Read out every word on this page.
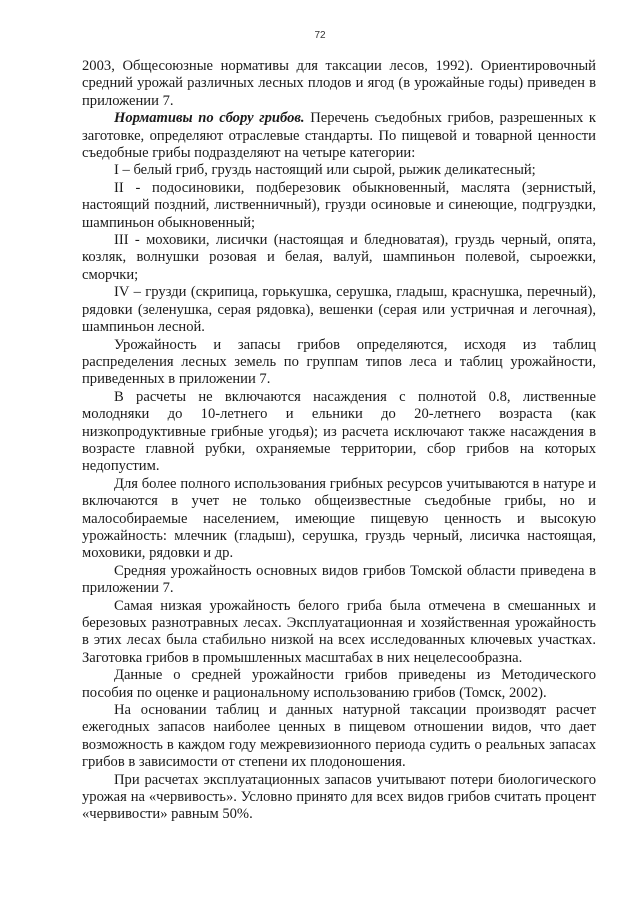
72

2003, Общесоюзные нормативы для таксации лесов, 1992). Ориентировочный средний урожай различных лесных плодов и ягод (в урожайные годы) приведен в приложении 7.

Нормативы по сбору грибов. Перечень съедобных грибов, разрешенных к заготовке, определяют отраслевые стандарты. По пищевой и товарной ценности съедобные грибы подразделяют на четыре категории:

I – белый гриб, груздь настоящий или сырой, рыжик деликатесный;

II - подосиновики, подберезовик обыкновенный, маслята (зернистый, настоящий поздний, лиственничный), грузди осиновые и синеющие, подгруздки, шампиньон обыкновенный;

III - моховики, лисички (настоящая и бледноватая), груздь черный, опята, козляк, волнушки розовая и белая, валуй, шампиньон полевой, сыроежки, сморчки;

IV – грузди (скрипица, горькушка, серушка, гладыш, краснушка, перечный), рядовки (зеленушка, серая рядовка), вешенки (серая или устричная и легочная), шампиньон лесной.

Урожайность и запасы грибов определяются, исходя из таблиц распределения лесных земель по группам типов леса и таблиц урожайности, приведенных в приложении 7.

В расчеты не включаются насаждения с полнотой 0.8, лиственные молодняки до 10-летнего и ельники до 20-летнего возраста (как низкопродуктивные грибные угодья); из расчета исключают также насаждения в возрасте главной рубки, охраняемые территории, сбор грибов на которых недопустим.

Для более полного использования грибных ресурсов учитываются в натуре и включаются в учет не только общеизвестные съедобные грибы, но и малособираемые населением, имеющие пищевую ценность и высокую урожайность: млечник (гладыш), серушка, груздь черный, лисичка настоящая, моховики, рядовки и др.

Средняя урожайность основных видов грибов Томской области приведена в приложении 7.

Самая низкая урожайность белого гриба была отмечена в смешанных и березовых разнотравных лесах. Эксплуатационная и хозяйственная урожайность в этих лесах была стабильно низкой на всех исследованных ключевых участках. Заготовка грибов в промышленных масштабах в них нецелесообразна.

Данные о средней урожайности грибов приведены из Методического пособия по оценке и рациональному использованию грибов (Томск, 2002).

На основании таблиц и данных натурной таксации производят расчет ежегодных запасов наиболее ценных в пищевом отношении видов, что дает возможность в каждом году межревизионного периода судить о реальных запасах грибов в зависимости от степени их плодоношения.

При расчетах эксплуатационных запасов учитывают потери биологического урожая на «червивость». Условно принято для всех видов грибов считать процент «червивости» равным 50%.
